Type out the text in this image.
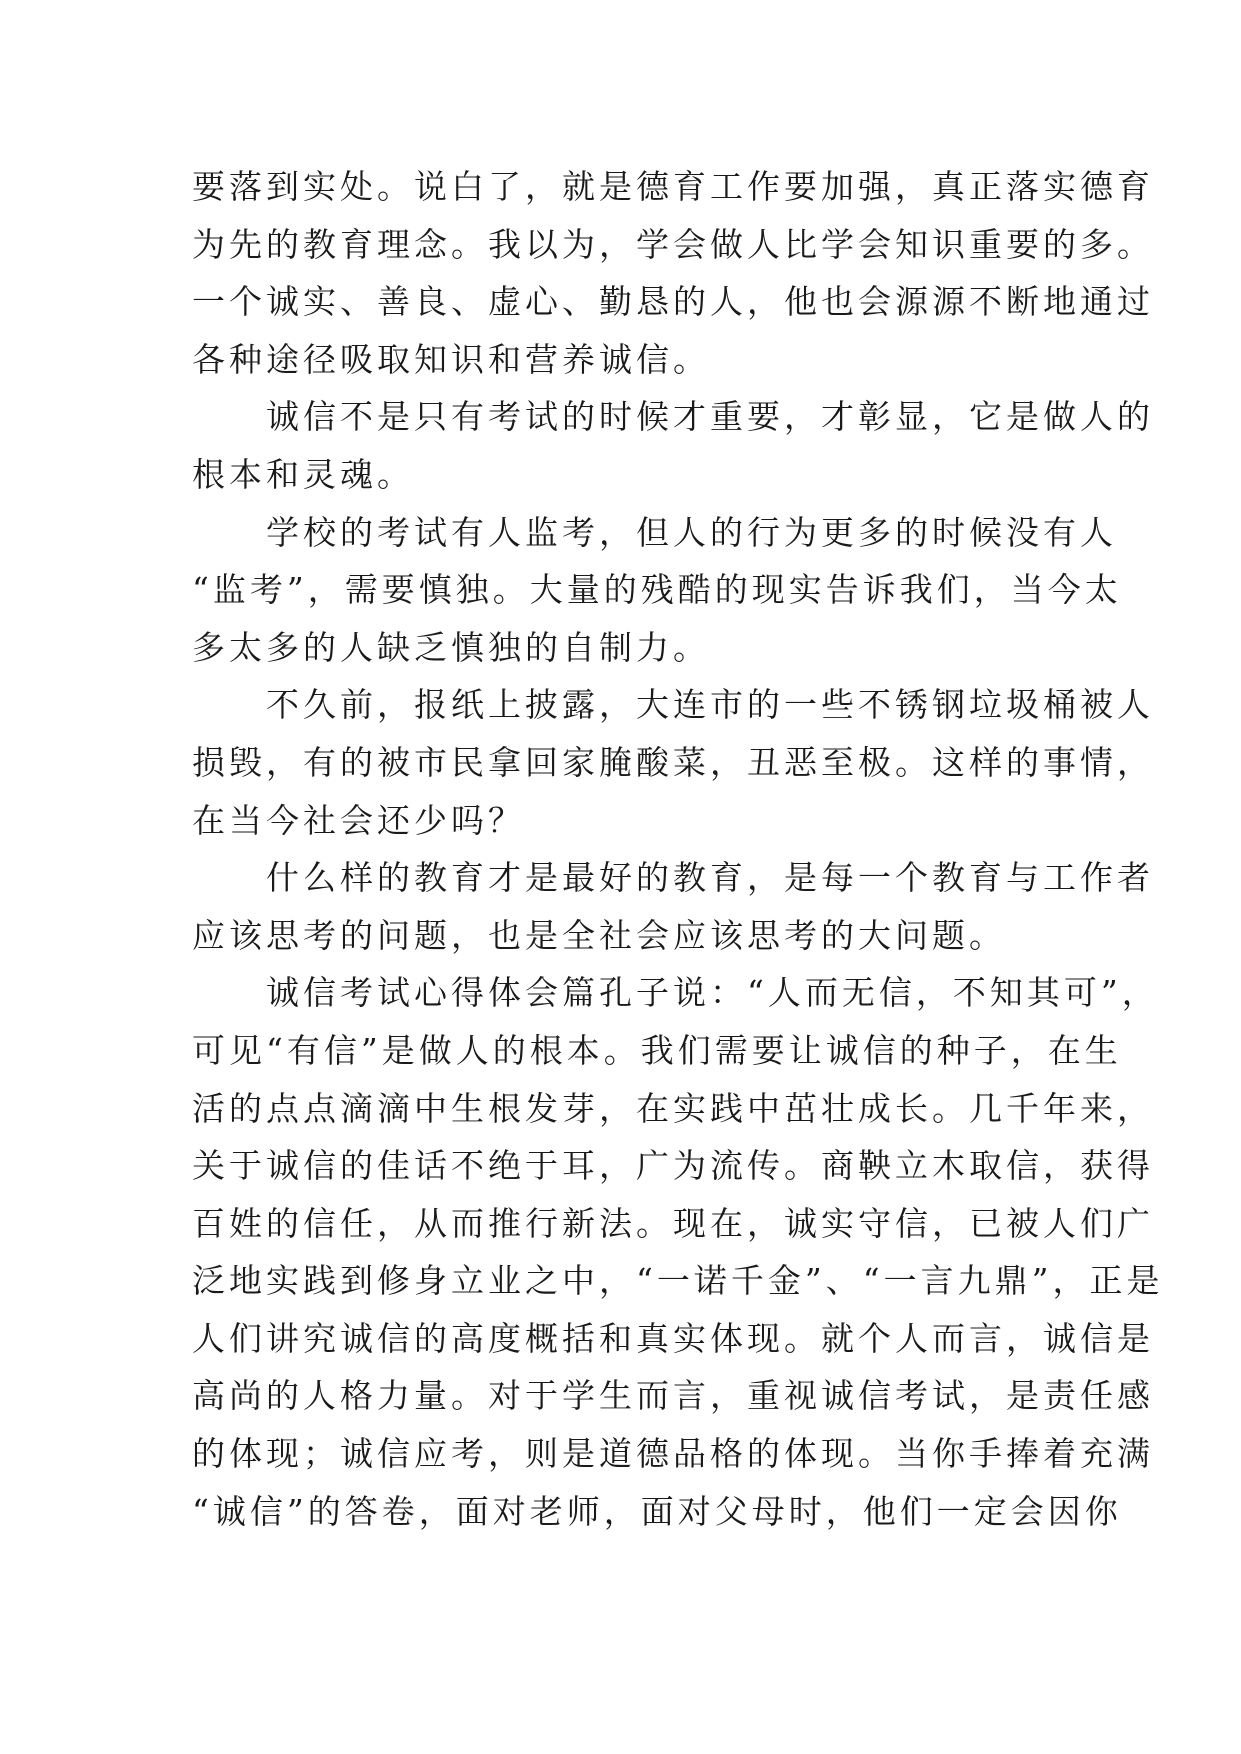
要落到实处。说白了，就是德育工作要加强，真正落实德育
为先的教育理念。我以为，学会做人比学会知识重要的多。
一个诚实、善良、虚心、勤恳的人，他也会源源不断地通过
各种途径吸取知识和营养诚信。
　　诚信不是只有考试的时候才重要，才彰显，它是做人的
根本和灵魂。
　　学校的考试有人监考，但人的行为更多的时候没有人
“监考”，需要慎独。大量的残酷的现实告诉我们，当今太
多太多的人缺乏慎独的自制力。
　　不久前，报纸上披露，大连市的一些不锈钢垃圾桶被人
损毁，有的被市民拿回家腌酸菜，丑恶至极。这样的事情，
在当今社会还少吗？
　　什么样的教育才是最好的教育，是每一个教育与工作者
应该思考的问题，也是全社会应该思考的大问题。
　　诚信考试心得体会篇孔子说：“人而无信，不知其可”，
可见“有信”是做人的根本。我们需要让诚信的种子，在生
活的点点滴滴中生根发芽，在实践中茁壮成长。几千年来，
关于诚信的佳话不绝于耳，广为流传。商鞅立木取信，获得
百姓的信任，从而推行新法。现在，诚实守信，已被人们广
泛地实践到修身立业之中，“一诺千金”、“一言九鼎”，正是
人们讲究诚信的高度概括和真实体现。就个人而言，诚信是
高尚的人格力量。对于学生而言，重视诚信考试，是责任感
的体现；诚信应考，则是道德品格的体现。当你手捧着充满
“诚信”的答卷，面对老师，面对父母时，他们一定会因你
